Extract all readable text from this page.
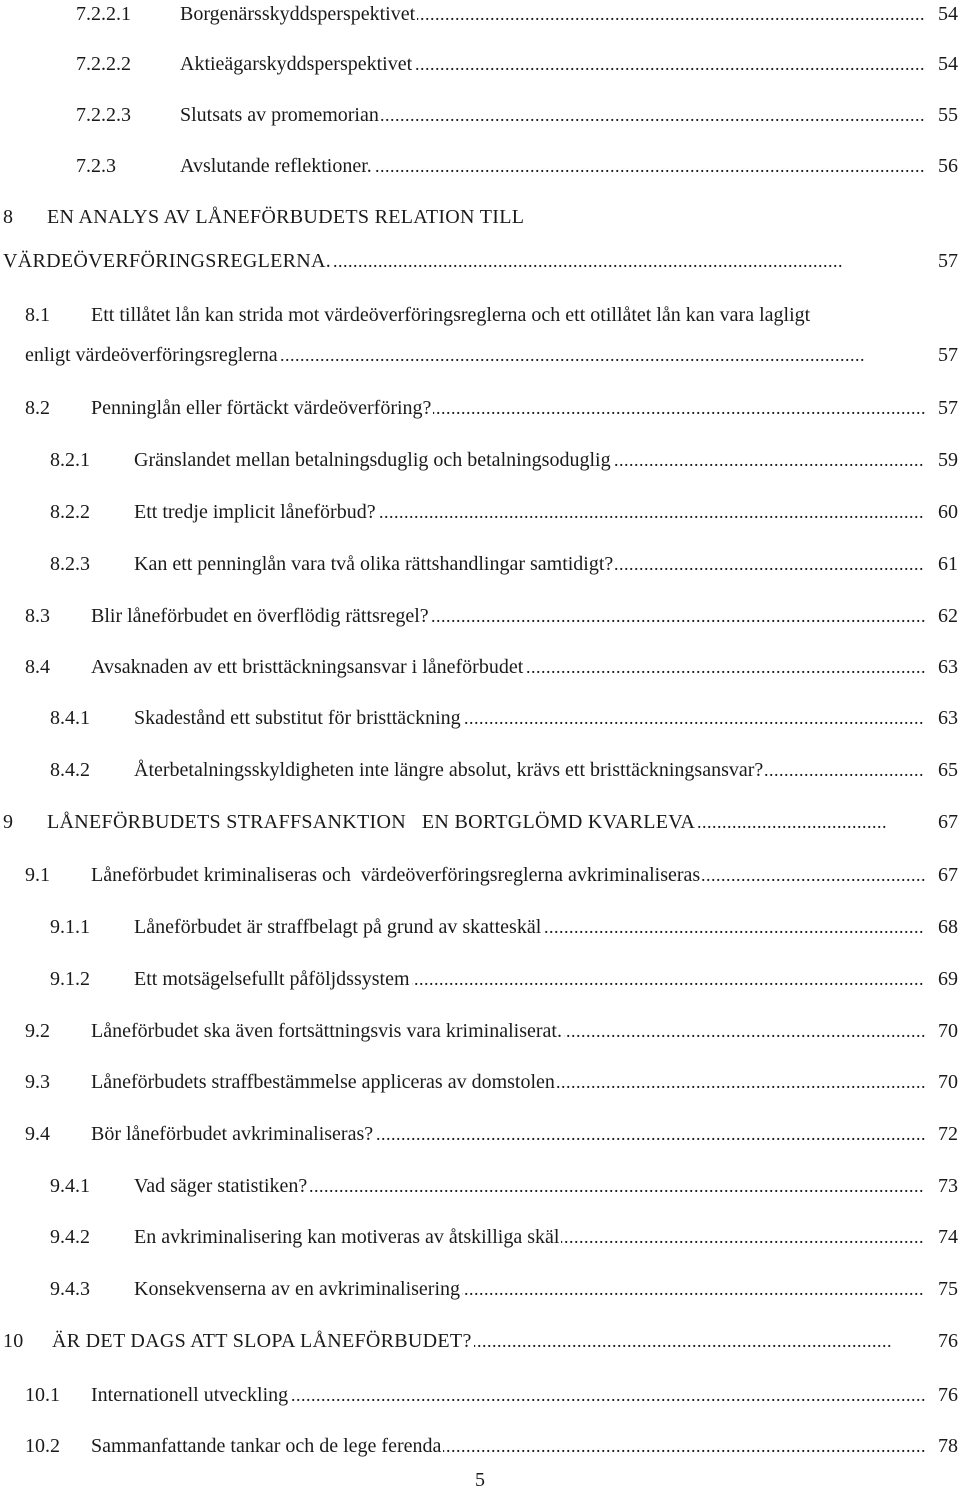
7.2.2.1 . . . Borgenärsskyddsperspektivet	54
7.2.2.2 . . . Aktieägarskyddsperspektivet	54
7.2.2.3 . . . Slutsats av promemorian	55
7.2.3	. . . Avslutande reflektioner.	56
8 EN ANALYS AV LÅNEFÖRBUDETS RELATION TILL
. . . VÄRDEÖVERFÖRINGSREGLERNA.	57
8.1 Ett tillåtet lån kan strida mot värdeöverföringsreglerna och ett otillåtet lån kan vara lagligt
. . . enligt värdeöverföringsreglerna	57
8.2 . . . Penninglån eller förtäckt värdeöverföring?	57
8.2.1 . . . Gränslandet mellan betalningsduglig och betalningsoduglig	59
8.2.2 . . . Ett tredje implicit låneförbud?	60
8.2.3 . . . Kan ett penninglån vara två olika rättshandlingar samtidigt?	61
8.3 . . . Blir låneförbudet en överflödig rättsregel?	62
8.4 . . . Avsaknaden av ett bristtäckningsansvar i låneförbudet	63
8.4.1 . . . Skadestånd ett substitut för bristtäckning	63
8.4.2 . . . Återbetalningsskyldigheten inte längre absolut, krävs ett bristtäckningsansvar?	65
9 . . . LÅNEFÖRBUDETS STRAFFSANKTION   EN BORTGLÖMD KVARLEVA	67
9.1 . . . Låneförbudet kriminaliseras och  värdeöverföringsreglerna avkriminaliseras	67
9.1.1 . . . Låneförbudet är straffbelagt på grund av skatteskäl	68
9.1.2 . . . Ett motsägelsefullt påföljdssystem	69
9.2 . . . Låneförbudet ska även fortsättningsvis vara kriminaliserat.	70
9.3 . . . Låneförbudets straffbestämmelse appliceras av domstolen	70
9.4 . . . Bör låneförbudet avkriminaliseras?	72
9.4.1 . . . Vad säger statistiken?	73
9.4.2 . . . En avkriminalisering kan motiveras av åtskilliga skäl	74
9.4.3 . . . Konsekvenserna av en avkriminalisering	75
10 . . . ÄR DET DAGS ATT SLOPA LÅNEFÖRBUDET?	76
10.1 . . . Internationell utveckling	76
10.2 . . . Sammanfattande tankar och de lege ferenda	78
5
